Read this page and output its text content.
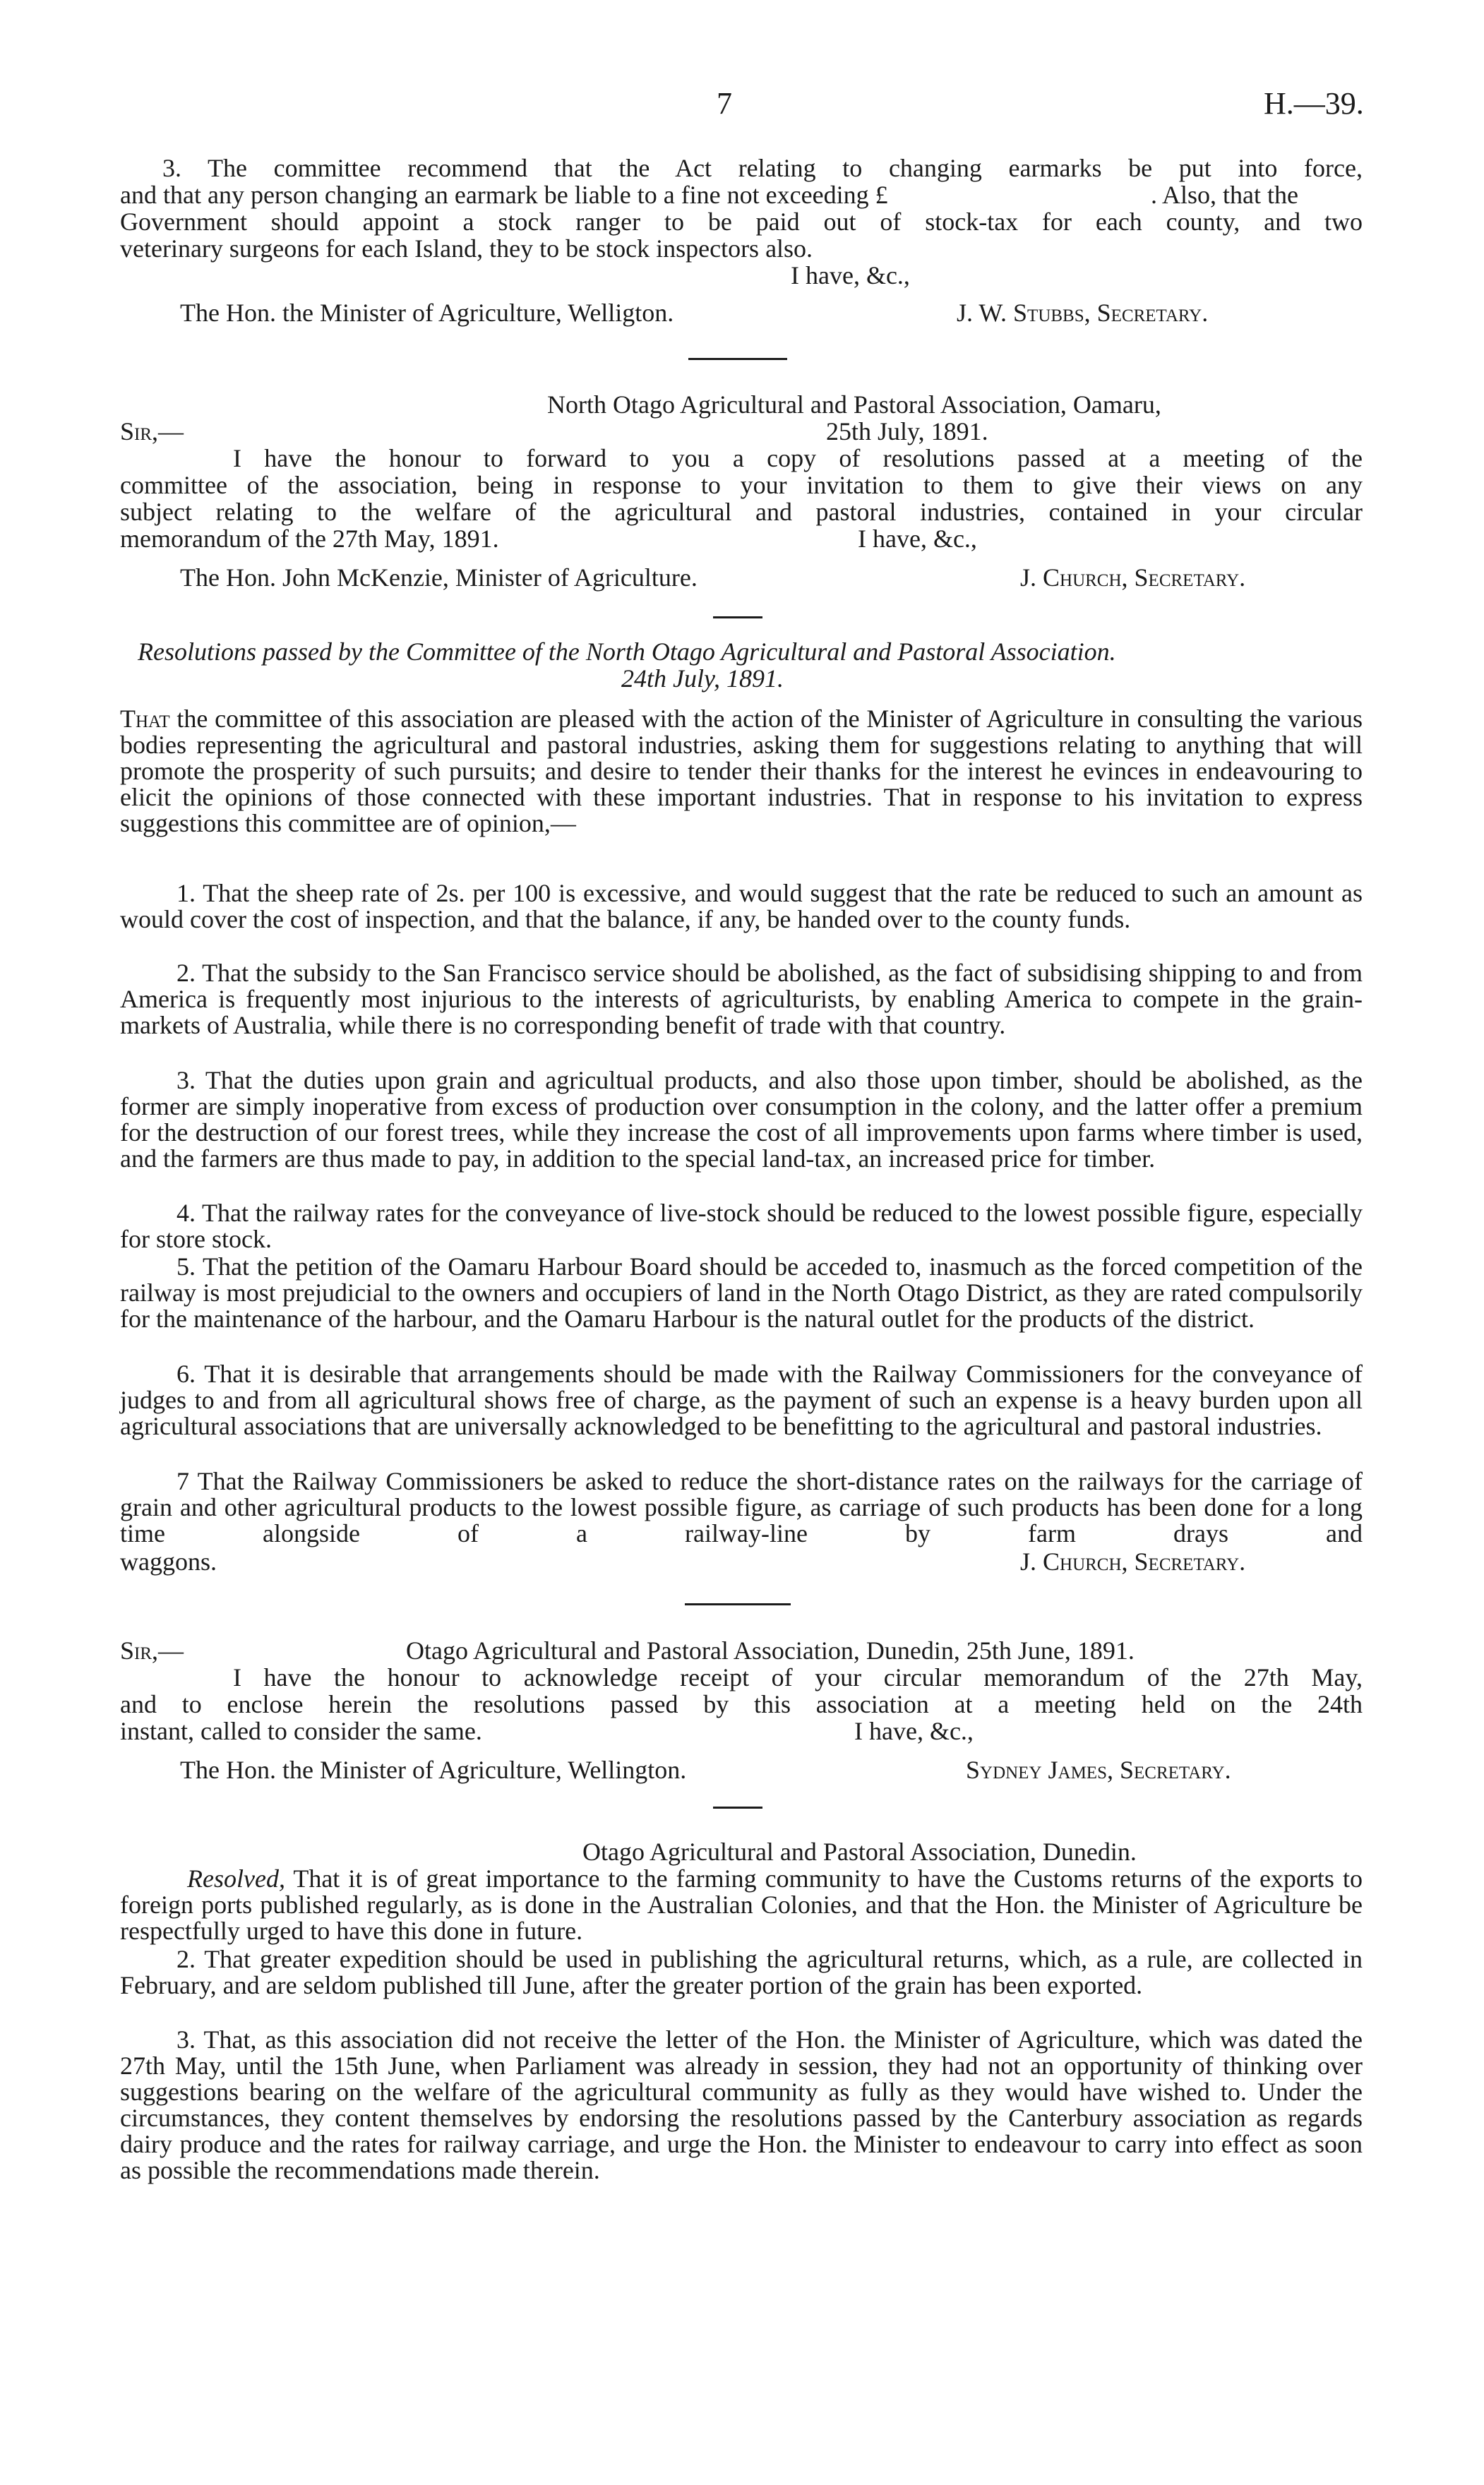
7	H.—39.
3. The committee recommend that the Act relating to changing earmarks be put into force,
and that any person changing an earmark be liable to a fine not exceeding £	. Also, that the
Government should appoint a stock ranger to be paid out of stock-tax for each county, and two
veterinary surgeons for each Island, they to be stock inspectors also.
I have, &c.,
The Hon. the Minister of Agriculture, Welligton.	J. W. Stubbs, Secretary.
North Otago Agricultural and Pastoral Association, Oamaru,
Sir,—	25th July, 1891.
I have the honour to forward to you a copy of resolutions passed at a meeting of the
committee of the association, being in response to your invitation to them to give their views on any
subject relating to the welfare of the agricultural and pastoral industries, contained in your circular
memorandum of the 27th May, 1891.	I have, &c.,
The Hon. John McKenzie, Minister of Agriculture.	J. Church, Secretary.
Resolutions passed by the Committee of the North Otago Agricultural and Pastoral Association.
24th July, 1891.
That the committee of this association are pleased with the action of the Minister of Agriculture in consulting the various bodies representing the agricultural and pastoral industries, asking them for suggestions relating to anything that will promote the prosperity of such pursuits; and desire to tender their thanks for the interest he evinces in endeavouring to elicit the opinions of those connected with these important industries. That in response to his invitation to express suggestions this committee are of opinion,—
1. That the sheep rate of 2s. per 100 is excessive, and would suggest that the rate be reduced to such an amount as would cover the cost of inspection, and that the balance, if any, be handed over to the county funds.
2. That the subsidy to the San Francisco service should be abolished, as the fact of subsidising shipping to and from America is frequently most injurious to the interests of agriculturists, by enabling America to compete in the grain-markets of Australia, while there is no corresponding benefit of trade with that country.
3. That the duties upon grain and agricultual products, and also those upon timber, should be abolished, as the former are simply inoperative from excess of production over consumption in the colony, and the latter offer a premium for the destruction of our forest trees, while they increase the cost of all improvements upon farms where timber is used, and the farmers are thus made to pay, in addition to the special land-tax, an increased price for timber.
4. That the railway rates for the conveyance of live-stock should be reduced to the lowest possible figure, especially for store stock.
5. That the petition of the Oamaru Harbour Board should be acceded to, inasmuch as the forced competition of the railway is most prejudicial to the owners and occupiers of land in the North Otago District, as they are rated compulsorily for the maintenance of the harbour, and the Oamaru Harbour is the natural outlet for the products of the district.
6. That it is desirable that arrangements should be made with the Railway Commissioners for the conveyance of judges to and from all agricultural shows free of charge, as the payment of such an expense is a heavy burden upon all agricultural associations that are universally acknowledged to be benefitting to the agricultural and pastoral industries.
7 That the Railway Commissioners be asked to reduce the short-distance rates on the railways for the carriage of grain and other agricultural products to the lowest possible figure, as carriage of such products has been done for a long time alongside of a railway-line by farm drays and
waggons.	J. Church, Secretary.
Sir,—	Otago Agricultural and Pastoral Association, Dunedin, 25th June, 1891.
I have the honour to acknowledge receipt of your circular memorandum of the 27th May,
and to enclose herein the resolutions passed by this association at a meeting held on the 24th
instant, called to consider the same.	I have, &c.,
The Hon. the Minister of Agriculture, Wellington.	Sydney James, Secretary.
Otago Agricultural and Pastoral Association, Dunedin.
Resolved, That it is of great importance to the farming community to have the Customs returns of the exports to foreign ports published regularly, as is done in the Australian Colonies, and that the Hon. the Minister of Agriculture be respectfully urged to have this done in future.
2. That greater expedition should be used in publishing the agricultural returns, which, as a rule, are collected in February, and are seldom published till June, after the greater portion of the grain has been exported.
3. That, as this association did not receive the letter of the Hon. the Minister of Agriculture, which was dated the 27th May, until the 15th June, when Parliament was already in session, they had not an opportunity of thinking over suggestions bearing on the welfare of the agricultural community as fully as they would have wished to. Under the circumstances, they content themselves by endorsing the resolutions passed by the Canterbury association as regards dairy produce and the rates for railway carriage, and urge the Hon. the Minister to endeavour to carry into effect as soon as possible the recommendations made therein.
